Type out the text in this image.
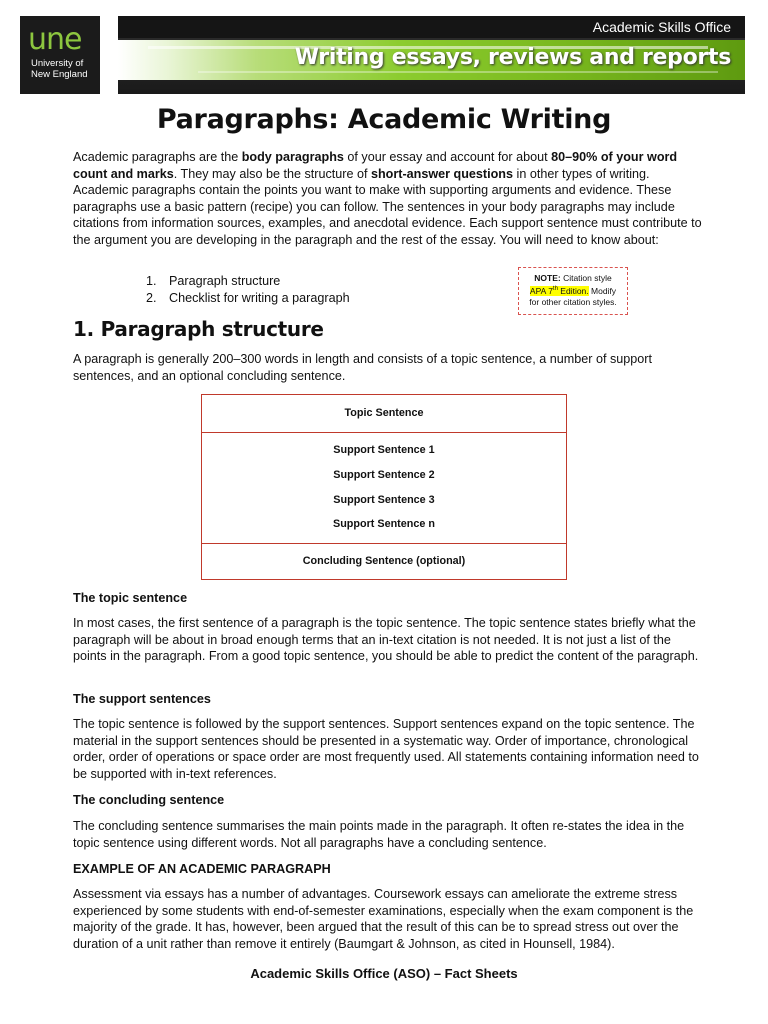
une
University of
New England
Academic Skills Office
Writing essays, reviews and reports
Paragraphs: Academic Writing

Academic paragraphs are the body paragraphs of your essay and account for about 80–90% of your word count and marks. They may also be the structure of short-answer questions in other types of writing. Academic paragraphs contain the points you want to make with supporting arguments and evidence. These paragraphs use a basic pattern (recipe) you can follow. The sentences in your body paragraphs may include citations from information sources, examples, and anecdotal evidence. Each support sentence must contribute to the argument you are developing in the paragraph and the rest of the essay. You will need to know about:

1. Paragraph structure
2. Checklist for writing a paragraph
NOTE: Citation style
APA 7th Edition. Modify
for other citation styles.
1. Paragraph structure

A paragraph is generally 200–300 words in length and consists of a topic sentence, a number of support sentences, and an optional concluding sentence.

Topic Sentence
Support Sentence 1
Support Sentence 2
Support Sentence 3
Support Sentence n
Concluding Sentence (optional)
The topic sentence

In most cases, the first sentence of a paragraph is the topic sentence. The topic sentence states briefly what the paragraph will be about in broad enough terms that an in-text citation is not needed. It is not just a list of the points in the paragraph. From a good topic sentence, you should be able to predict the content of the paragraph.

The support sentences

The topic sentence is followed by the support sentences. Support sentences expand on the topic sentence. The material in the support sentences should be presented in a systematic way. Order of importance, chronological order, order of operations or space order are most frequently used. All statements containing information need to be supported with in-text references.

The concluding sentence

The concluding sentence summarises the main points made in the paragraph. It often re-states the idea in the topic sentence using different words. Not all paragraphs have a concluding sentence.

EXAMPLE OF AN ACADEMIC PARAGRAPH

Assessment via essays has a number of advantages. Coursework essays can ameliorate the extreme stress experienced by some students with end-of-semester examinations, especially when the exam component is the majority of the grade. It has, however, been argued that the result of this can be to spread stress out over the duration of a unit rather than remove it entirely (Baumgart & Johnson, as cited in Hounsell, 1984).

Academic Skills Office (ASO) – Fact Sheets
